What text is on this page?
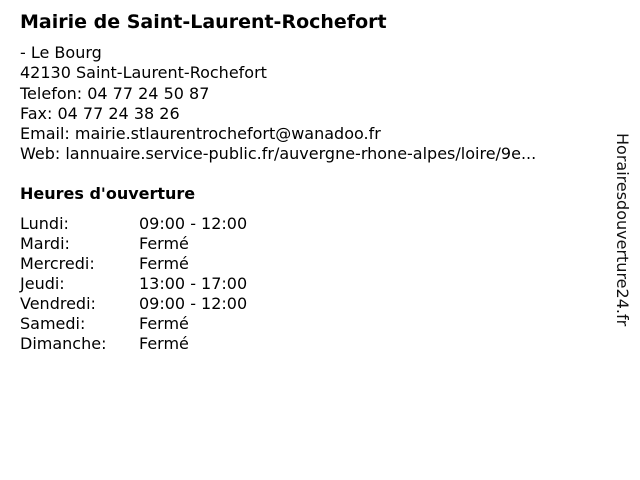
Mairie de Saint-Laurent-Rochefort
- Le Bourg
42130 Saint-Laurent-Rochefort
Telefon: 04 77 24 50 87
Fax: 04 77 24 38 26
Email: mairie.stlaurentrochefort@wanadoo.fr
Web: lannuaire.service-public.fr/auvergne-rhone-alpes/loire/9e...
Heures d'ouverture
Lundi:	09:00 - 12:00
Mardi:	Fermé
Mercredi:	Fermé
Jeudi:	13:00 - 17:00
Vendredi:	09:00 - 12:00
Samedi:	Fermé
Dimanche: Fermé
Horairesdouverture24.fr
